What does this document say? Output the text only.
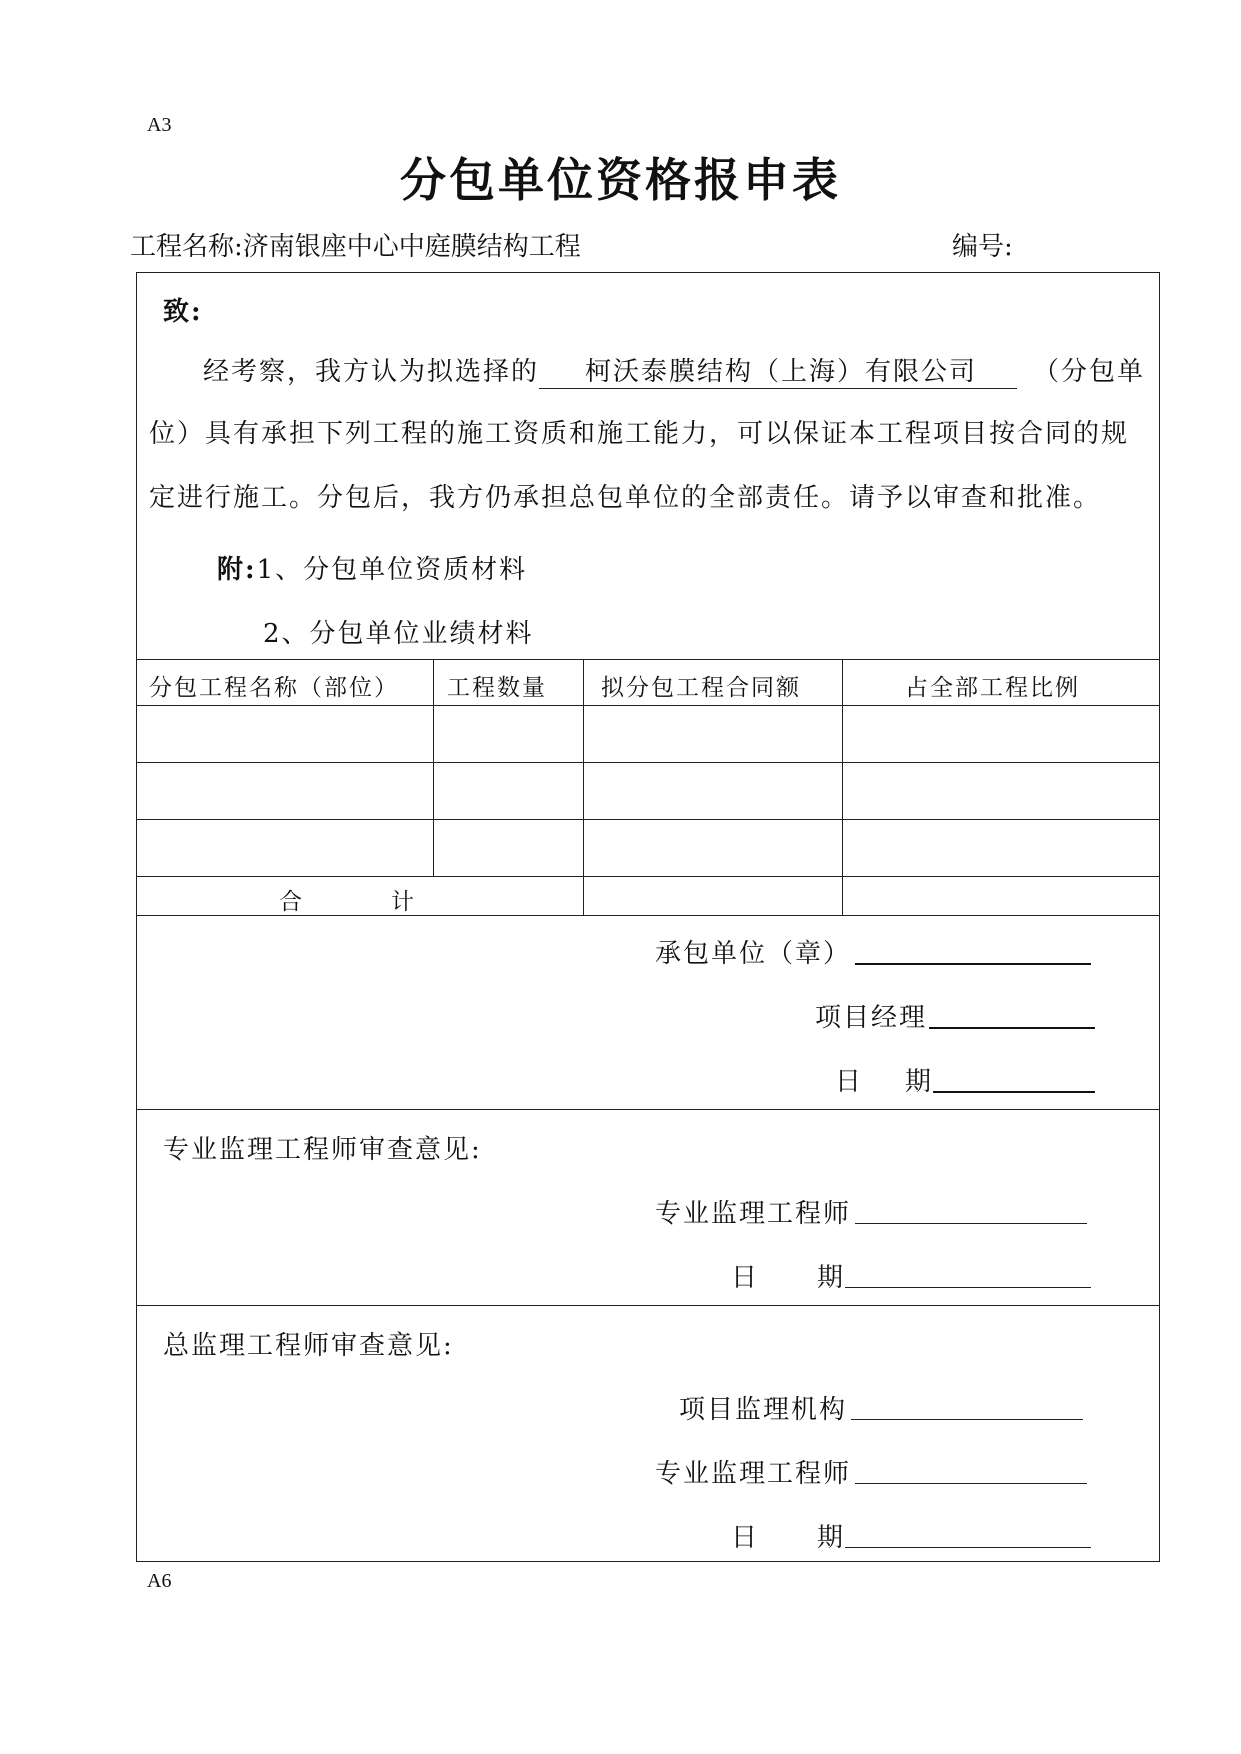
A3
分包单位资格报申表
工程名称:济南银座中心中庭膜结构工程	编号:
致:
经考察，我方认为拟选择的 柯沃泰膜结构（上海）有限公司 （分包单
位）具有承担下列工程的施工资质和施工能力，可以保证本工程项目按合同的规
定进行施工。分包后，我方仍承担总包单位的全部责任。请予以审查和批准。
附:1、分包单位资质材料
2、分包单位业绩材料
分包工程名称（部位） 工程数量 拟分包工程合同额	占全部工程比例
合	计
承包单位（章）
项目经理
日 期
专业监理工程师审查意见:
专业监理工程师
日 期
总监理工程师审查意见:
项目监理机构
专业监理工程师
日 期
A6
